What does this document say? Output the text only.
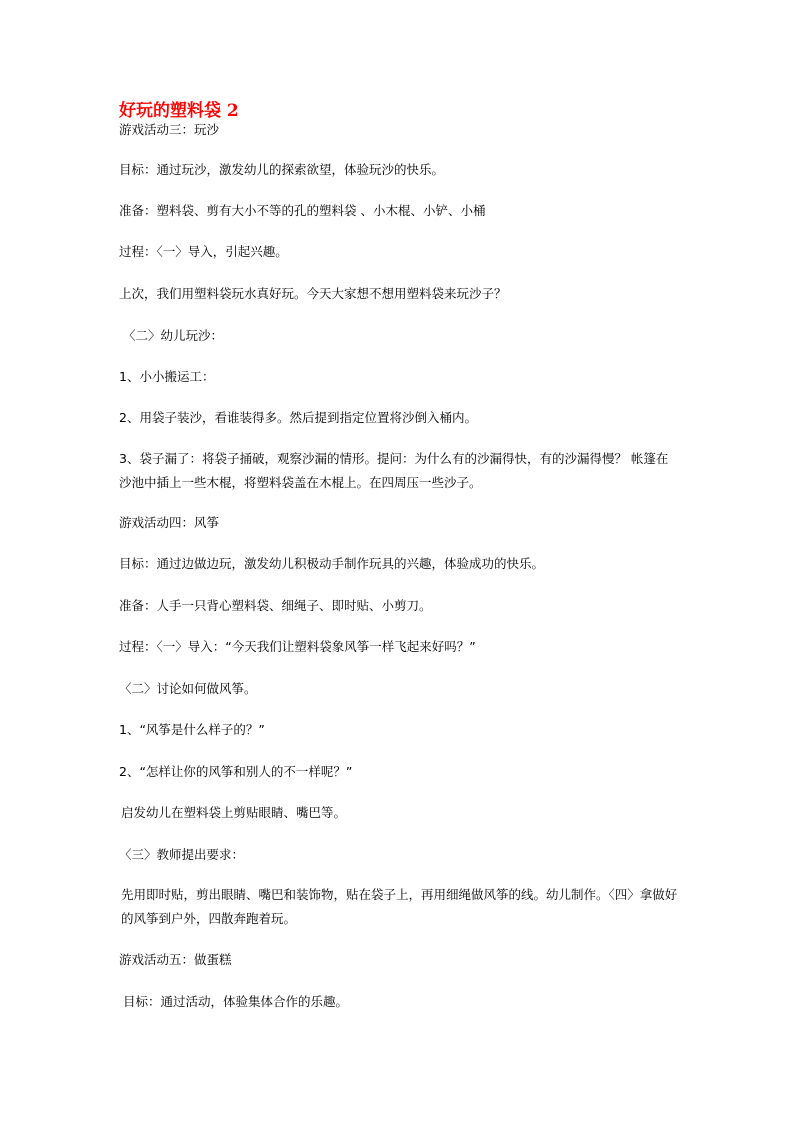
好玩的塑料袋 2
游戏活动三：玩沙
目标：通过玩沙，激发幼儿的探索欲望，体验玩沙的快乐。
准备：塑料袋、剪有大小不等的孔的塑料袋 、小木棍、小铲、小桶
过程：〈一〉导入，引起兴趣。
上次，我们用塑料袋玩水真好玩。今天大家想不想用塑料袋来玩沙子？
〈二〉幼儿玩沙：
1、小小搬运工：
2、用袋子装沙，看谁装得多。然后提到指定位置将沙倒入桶内。
3、袋子漏了：将袋子捅破，观察沙漏的情形。提问：为什么有的沙漏得快，有的沙漏得慢？ 帐篷在沙池中插上一些木棍，将塑料袋盖在木棍上。在四周压一些沙子。
游戏活动四：风筝
目标：通过边做边玩，激发幼儿积极动手制作玩具的兴趣，体验成功的快乐。
准备：人手一只背心塑料袋、细绳子、即时贴、小剪刀。
过程：〈一〉导入：“今天我们让塑料袋象风筝一样飞起来好吗？”
〈二〉讨论如何做风筝。
1、“风筝是什么样子的？”
2、“怎样让你的风筝和别人的不一样呢？”
启发幼儿在塑料袋上剪贴眼睛、嘴巴等。
〈三〉教师提出要求：
先用即时贴，剪出眼睛、嘴巴和装饰物，贴在袋子上，再用细绳做风筝的线。幼儿制作。〈四〉拿做好的风筝到户外，四散奔跑着玩。
游戏活动五：做蛋糕
目标：通过活动，体验集体合作的乐趣。
